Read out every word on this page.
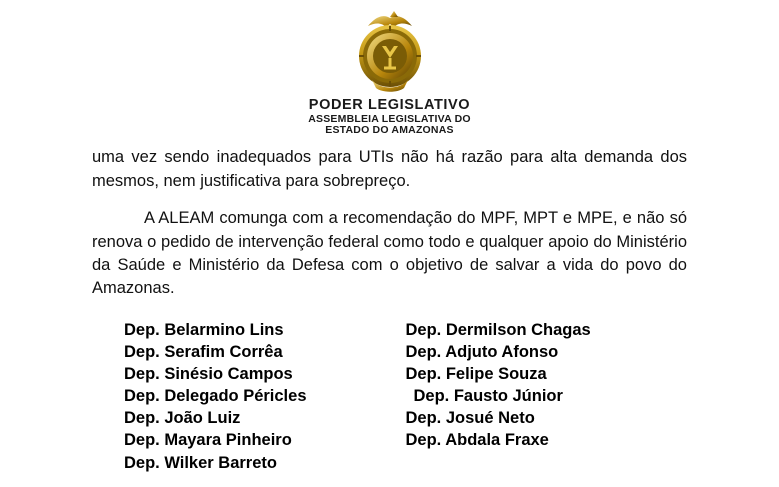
PODER LEGISLATIVO
ASSEMBLEIA LEGISLATIVA DO
ESTADO DO AMAZONAS

uma vez sendo inadequados para UTIs não há razão para alta demanda dos mesmos, nem justificativa para sobrepreço.

A ALEAM comunga com a recomendação do MPF, MPT e MPE, e não só renova o pedido de intervenção federal como todo e qualquer apoio do Ministério da Saúde e Ministério da Defesa com o objetivo de salvar a vida do povo do Amazonas.

Dep. Belarmino Lins
Dep. Serafim Corrêa
Dep. Sinésio Campos
Dep. Delegado Péricles
Dep. João Luiz
Dep. Mayara Pinheiro
Dep. Wilker Barreto
Dep. Dermilson Chagas
Dep. Adjuto Afonso
Dep. Felipe Souza
Dep. Fausto Júnior
Dep. Josué Neto
Dep. Abdala Fraxe
